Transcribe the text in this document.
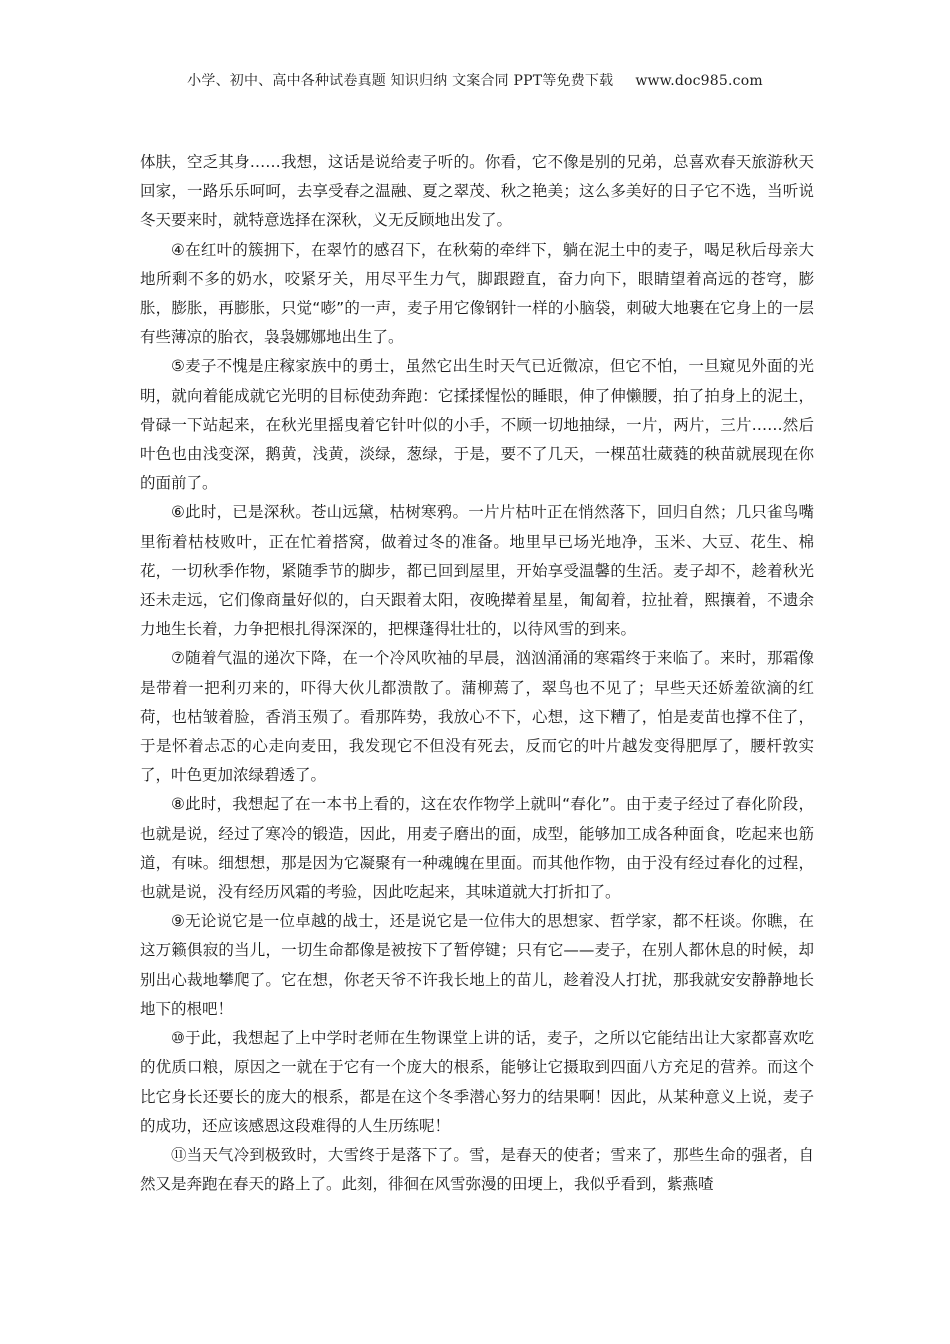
小学、初中、高中各种试卷真题 知识归纳 文案合同 PPT等免费下载 www.doc985.com

体肤，空乏其身……我想，这话是说给麦子听的。你看，它不像是别的兄弟，总喜欢春天旅游秋天回家，一路乐乐呵呵，去享受春之温融、夏之翠茂、秋之艳美；这么多美好的日子它不选，当听说冬天要来时，就特意选择在深秋，义无反顾地出发了。

④在红叶的簇拥下，在翠竹的感召下，在秋菊的牵绊下，躺在泥土中的麦子，喝足秋后母亲大地所剩不多的奶水，咬紧牙关，用尽平生力气，脚跟蹬直，奋力向下，眼睛望着高远的苍穹，膨胀，膨胀，再膨胀，只觉“嘭”的一声，麦子用它像钢针一样的小脑袋，刺破大地裹在它身上的一层有些薄凉的胎衣，袅袅娜娜地出生了。

⑤麦子不愧是庄稼家族中的勇士，虽然它出生时天气已近微凉，但它不怕，一旦窥见外面的光明，就向着能成就它光明的目标使劲奔跑：它揉揉惺忪的睡眼，伸了伸懒腰，拍了拍身上的泥土，骨碌一下站起来，在秋光里摇曳着它针叶似的小手，不顾一切地抽绿，一片，两片，三片……然后叶色也由浅变深，鹅黄，浅黄，淡绿，葱绿，于是，要不了几天，一棵茁壮葳蕤的秧苗就展现在你的面前了。

⑥此时，已是深秋。苍山远黛，枯树寒鸦。一片片枯叶正在悄然落下，回归自然；几只雀鸟嘴里衔着枯枝败叶，正在忙着搭窝，做着过冬的准备。地里早已场光地净，玉米、大豆、花生、棉花，一切秋季作物，紧随季节的脚步，都已回到屋里，开始享受温馨的生活。麦子却不，趁着秋光还未走远，它们像商量好似的，白天跟着太阳，夜晚撵着星星，匍匐着，拉扯着，熙攘着，不遗余力地生长着，力争把根扎得深深的，把棵蓬得壮壮的，以待风雪的到来。

⑦随着气温的递次下降，在一个冷风吹袖的早晨，汹汹涌涌的寒霜终于来临了。来时，那霜像是带着一把利刃来的，吓得大伙儿都溃散了。蒲柳蔫了，翠鸟也不见了；早些天还娇羞欲滴的红荷，也枯皱着脸，香消玉殒了。看那阵势，我放心不下，心想，这下糟了，怕是麦苗也撑不住了，于是怀着忐忑的心走向麦田，我发现它不但没有死去，反而它的叶片越发变得肥厚了，腰杆敦实了，叶色更加浓绿碧透了。

⑧此时，我想起了在一本书上看的，这在农作物学上就叫“春化”。由于麦子经过了春化阶段，也就是说，经过了寒冷的锻造，因此，用麦子磨出的面，成型，能够加工成各种面食，吃起来也筋道，有味。细想想，那是因为它凝聚有一种魂魄在里面。而其他作物，由于没有经过春化的过程，也就是说，没有经历风霜的考验，因此吃起来，其味道就大打折扣了。

⑨无论说它是一位卓越的战士，还是说它是一位伟大的思想家、哲学家，都不枉谈。你瞧，在这万籁俱寂的当儿，一切生命都像是被按下了暂停键；只有它——麦子，在别人都休息的时候，却别出心裁地攀爬了。它在想，你老天爷不许我长地上的苗儿，趁着没人打扰，那我就安安静静地长地下的根吧！

⑩于此，我想起了上中学时老师在生物课堂上讲的话，麦子，之所以它能结出让大家都喜欢吃的优质口粮，原因之一就在于它有一个庞大的根系，能够让它摄取到四面八方充足的营养。而这个比它身长还要长的庞大的根系，都是在这个冬季潜心努力的结果啊！因此，从某种意义上说，麦子的成功，还应该感恩这段难得的人生历练呢！

⑪当天气冷到极致时，大雪终于是落下了。雪，是春天的使者；雪来了，那些生命的强者，自然又是奔跑在春天的路上了。此刻，徘徊在风雪弥漫的田埂上，我似乎看到，紫燕喳
